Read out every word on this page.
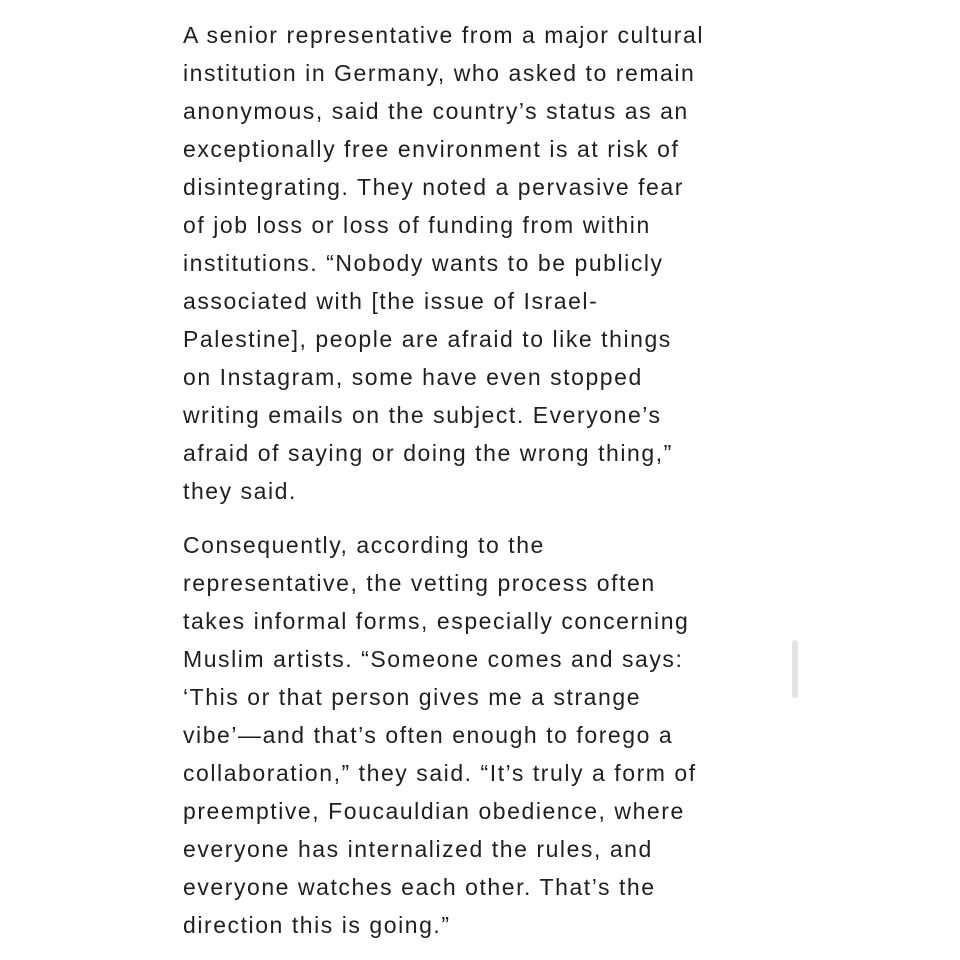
A senior representative from a major cultural
institution in Germany, who asked to remain
anonymous, said the country’s status as an
exceptionally free environment is at risk of
disintegrating. They noted a pervasive fear
of job loss or loss of funding from within
institutions. “Nobody wants to be publicly
associated with [the issue of Israel-
Palestine], people are afraid to like things
on Instagram, some have even stopped
writing emails on the subject. Everyone’s
afraid of saying or doing the wrong thing,”
they said.

Consequently, according to the
representative, the vetting process often
takes informal forms, especially concerning
Muslim artists. “Someone comes and says:
‘This or that person gives me a strange
vibe’—and that’s often enough to forego a
collaboration,” they said. “It’s truly a form of
preemptive, Foucauldian obedience, where
everyone has internalized the rules, and
everyone watches each other. That’s the
direction this is going.”
